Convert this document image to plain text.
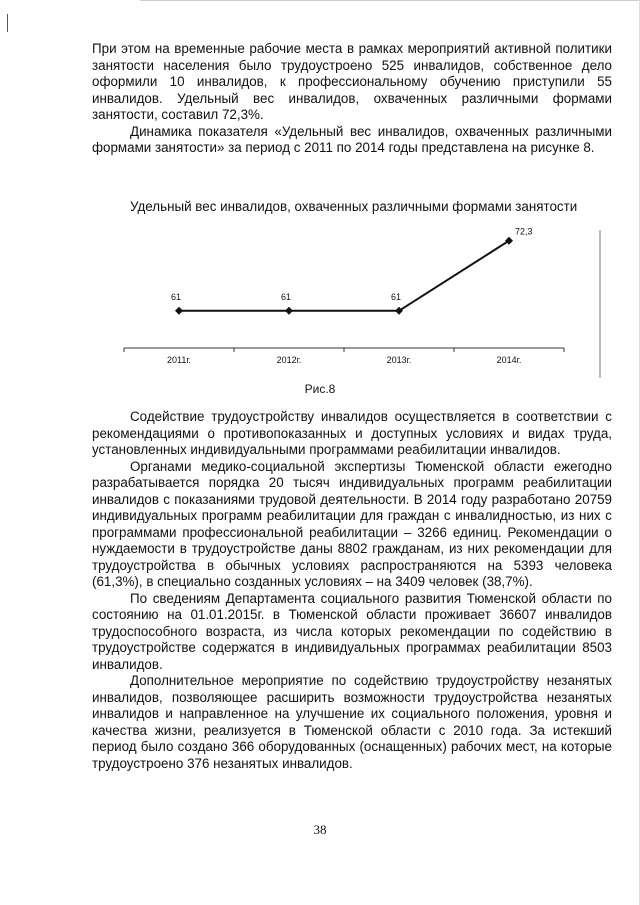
При этом на временные рабочие места в рамках мероприятий активной политики занятости населения было трудоустроено 525 инвалидов, собственное дело оформили 10 инвалидов, к профессиональному обучению приступили 55 инвалидов. Удельный вес инвалидов, охваченных различными формами занятости, составил 72,3%.

Динамика показателя «Удельный вес инвалидов, охваченных различными формами занятости» за период с 2011 по 2014 годы представлена на рисунке 8.

Удельный вес инвалидов, охваченных различными формами занятости
2011г.	2012г.	2013г.	2014г.
61	61	61
72,3
Рис.8

Содействие трудоустройству инвалидов осуществляется в соответствии с рекомендациями о противопоказанных и доступных условиях и видах труда, установленных индивидуальными программами реабилитации инвалидов.

Органами медико-социальной экспертизы Тюменской области ежегодно разрабатывается порядка 20 тысяч индивидуальных программ реабилитации инвалидов с показаниями трудовой деятельности. В 2014 году разработано 20759 индивидуальных программ реабилитации для граждан с инвалидностью, из них с программами профессиональной реабилитации – 3266 единиц. Рекомендации о нуждаемости в трудоустройстве даны 8802 гражданам, из них рекомендации для трудоустройства в обычных условиях распространяются на 5393 человека (61,3%), в специально созданных условиях – на 3409 человек (38,7%).

По сведениям Департамента социального развития Тюменской области по состоянию на 01.01.2015г. в Тюменской области проживает 36607 инвалидов трудоспособного возраста, из числа которых рекомендации по содействию в трудоустройстве содержатся в индивидуальных программах реабилитации 8503 инвалидов.

Дополнительное мероприятие по содействию трудоустройству незанятых инвалидов, позволяющее расширить возможности трудоустройства незанятых инвалидов и направленное на улучшение их социального положения, уровня и качества жизни, реализуется в Тюменской области с 2010 года. За истекший период было создано 366 оборудованных (оснащенных) рабочих мест, на которые трудоустроено 376 незанятых инвалидов.

38
